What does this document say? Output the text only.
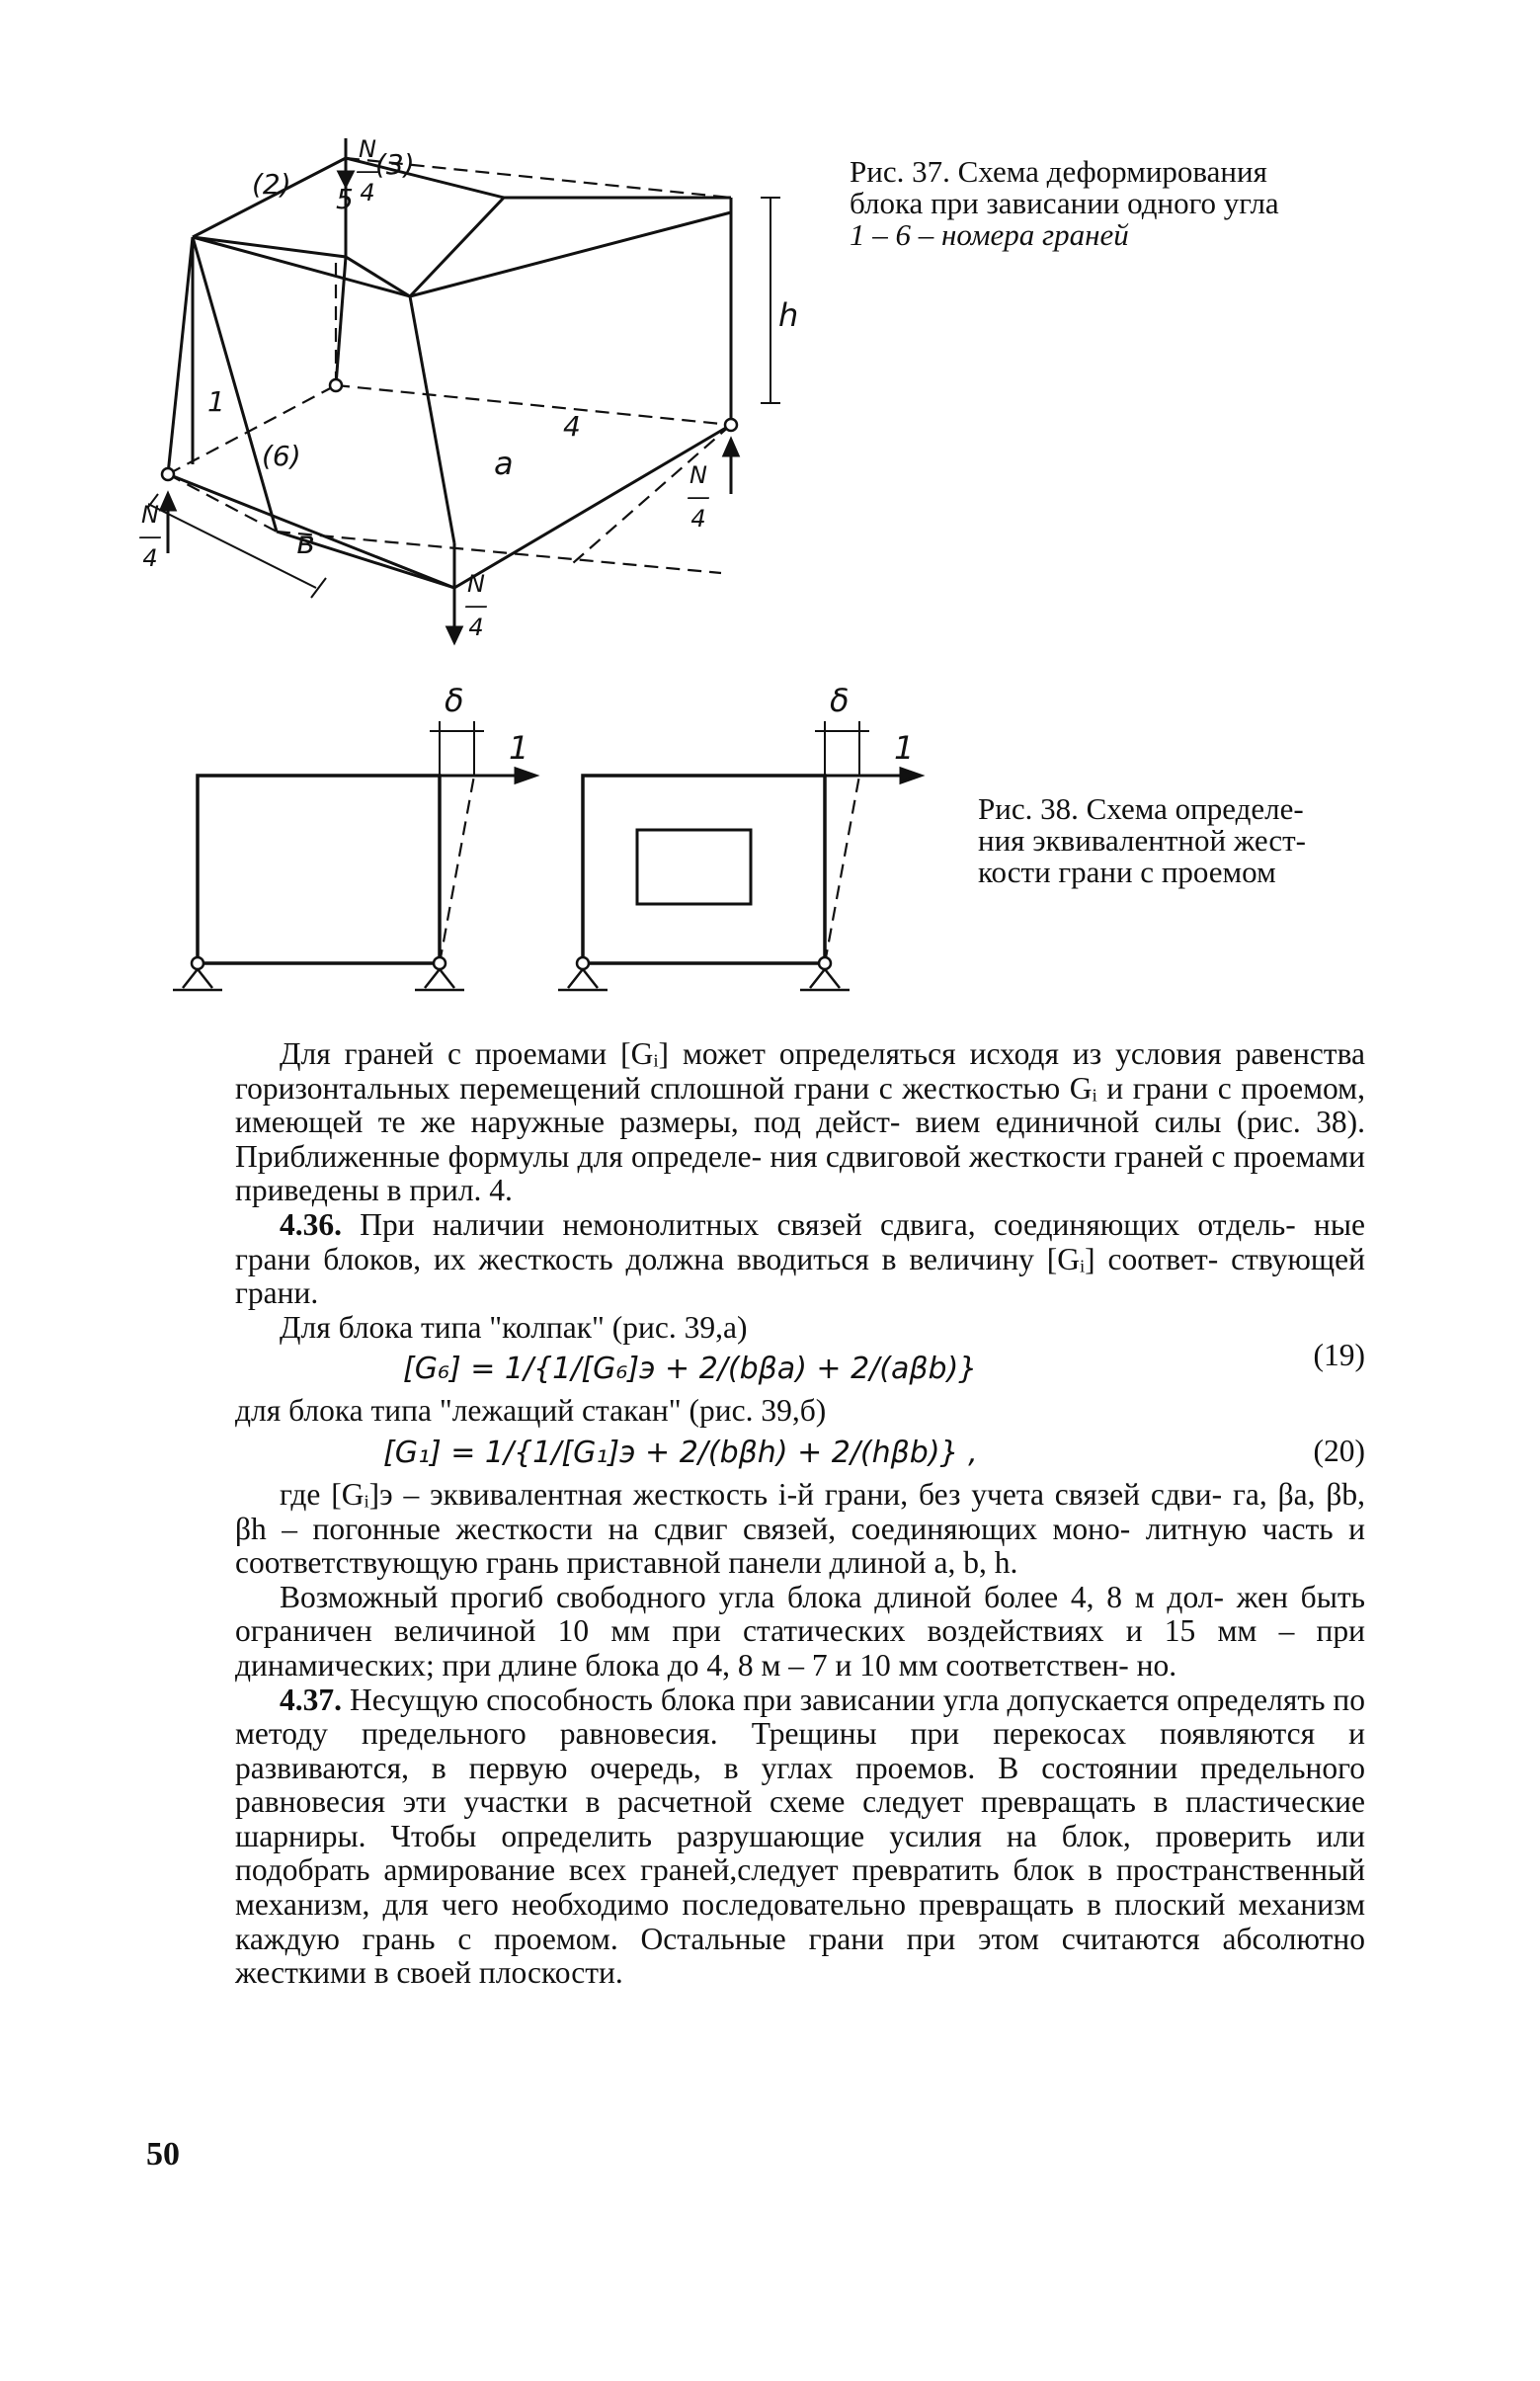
5
(2)
(3)
1
4
(6)	a
в
h
N
—
4
N
—
4
N
—
4
N
—
4
Рис. 37. Схема деформирования
блока при зависании одного угла
1 – 6 – номера граней
δ	δ
1	1
Рис. 38. Схема определе-
ния эквивалентной жест-
кости грани с проемом

Для граней с проемами [Gᵢ] может определяться исходя из условия равенства горизонтальных перемещений сплошной грани с жесткостью Gᵢ и грани с проемом, имеющей те же наружные размеры, под дейст- вием единичной силы (рис. 38). Приближенные формулы для определе- ния сдвиговой жесткости граней с проемами приведены в прил. 4.

4.36. При наличии немонолитных связей сдвига, соединяющих отдель- ные грани блоков, их жесткость должна вводиться в величину [Gᵢ] соответ- ствующей грани.

Для блока типа "колпак" (рис. 39,а)

[G₆] = 1/{1/[G₆]э + 2/(bβa) + 2/(aβb)}	(19)

для блока типа "лежащий стакан" (рис. 39,б)

[G₁] = 1/{1/[G₁]э + 2/(bβh) + 2/(hβb)} ,	(20)

где [Gᵢ]э – эквивалентная жесткость i-й грани, без учета связей сдви- га, βa, βb, βh – погонные жесткости на сдвиг связей, соединяющих моно- литную часть и соответствующую грань приставной панели длиной a, b, h.

Возможный прогиб свободного угла блока длиной более 4, 8 м дол- жен быть ограничен величиной 10 мм при статических воздействиях и 15 мм – при динамических; при длине блока до 4, 8 м – 7 и 10 мм соответствен- но.

4.37. Несущую способность блока при зависании угла допускается определять по методу предельного равновесия. Трещины при перекосах появляются и развиваются, в первую очередь, в углах проемов. В состоянии предельного равновесия эти участки в расчетной схеме следует превращать в пластические шарниры. Чтобы определить разрушающие усилия на блок, проверить или подобрать армирование всех граней,следует превратить блок в пространственный механизм, для чего необходимо последовательно превращать в плоский механизм каждую грань с проемом. Остальные грани при этом считаются абсолютно жесткими в своей плоскости.

50
